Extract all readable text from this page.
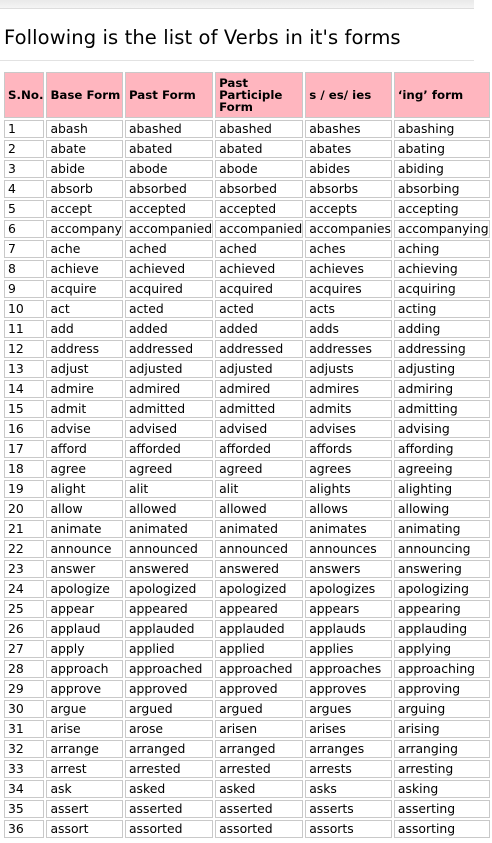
Following is the list of Verbs in it's forms
S.No.	Base Form	Past Form	Past Participle Form	s / es/ ies	‘ing’ form
1	abash	abashed	abashed	abashes	abashing
2	abate	abated	abated	abates	abating
3	abide	abode	abode	abides	abiding
4	absorb	absorbed	absorbed	absorbs	absorbing
5	accept	accepted	accepted	accepts	accepting
6	accompany	accompanied	accompanied	accompanies	accompanying
7	ache	ached	ached	aches	aching
8	achieve	achieved	achieved	achieves	achieving
9	acquire	acquired	acquired	acquires	acquiring
10	act	acted	acted	acts	acting
11	add	added	added	adds	adding
12	address	addressed	addressed	addresses	addressing
13	adjust	adjusted	adjusted	adjusts	adjusting
14	admire	admired	admired	admires	admiring
15	admit	admitted	admitted	admits	admitting
16	advise	advised	advised	advises	advising
17	afford	afforded	afforded	affords	affording
18	agree	agreed	agreed	agrees	agreeing
19	alight	alit	alit	alights	alighting
20	allow	allowed	allowed	allows	allowing
21	animate	animated	animated	animates	animating
22	announce	announced	announced	announces	announcing
23	answer	answered	answered	answers	answering
24	apologize	apologized	apologized	apologizes	apologizing
25	appear	appeared	appeared	appears	appearing
26	applaud	applauded	applauded	applauds	applauding
27	apply	applied	applied	applies	applying
28	approach	approached	approached	approaches	approaching
29	approve	approved	approved	approves	approving
30	argue	argued	argued	argues	arguing
31	arise	arose	arisen	arises	arising
32	arrange	arranged	arranged	arranges	arranging
33	arrest	arrested	arrested	arrests	arresting
34	ask	asked	asked	asks	asking
35	assert	asserted	asserted	asserts	asserting
36	assort	assorted	assorted	assorts	assorting
